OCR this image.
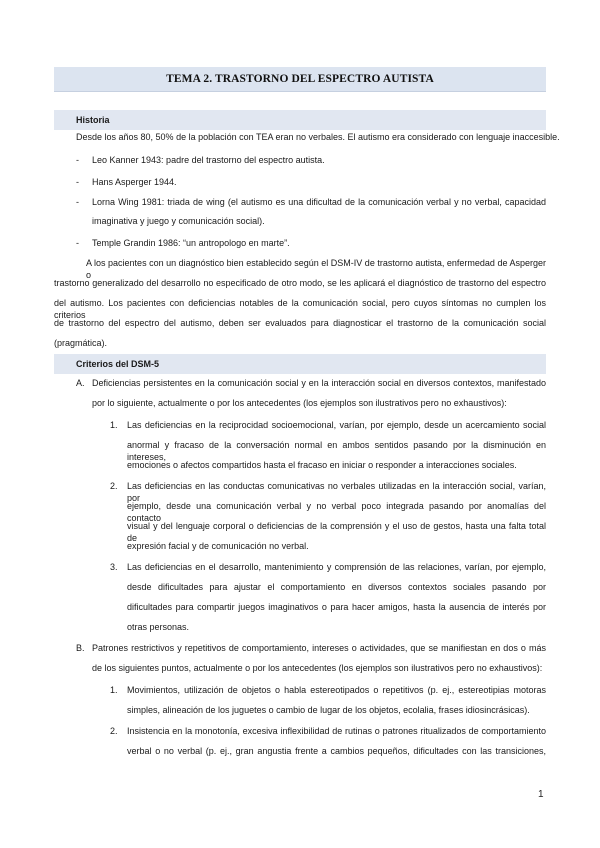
TEMA 2. TRASTORNO DEL ESPECTRO AUTISTA
Historia
Desde los años 80, 50% de la población con TEA eran no verbales. El autismo era considerado con lenguaje inaccesible.
- Leo Kanner 1943: padre del trastorno del espectro autista.
- Hans Asperger 1944.
- Lorna Wing 1981: triada de wing (el autismo es una dificultad de la comunicación verbal y no verbal, capacidad
imaginativa y juego y comunicación social).
- Temple Grandin 1986: “un antropologo en marte”.
A los pacientes con un diagnóstico bien establecido según el DSM-IV de trastorno autista, enfermedad de Asperger o
trastorno generalizado del desarrollo no especificado de otro modo, se les aplicará el diagnóstico de trastorno del espectro
del autismo. Los pacientes con deficiencias notables de la comunicación social, pero cuyos síntomas no cumplen los criterios
de trastorno del espectro del autismo, deben ser evaluados para diagnosticar el trastorno de la comunicación social
(pragmática).
Criterios del DSM-5
A. Deficiencias persistentes en la comunicación social y en la interacción social en diversos contextos, manifestado
por lo siguiente, actualmente o por los antecedentes (los ejemplos son ilustrativos pero no exhaustivos):
1. Las deficiencias en la reciprocidad socioemocional, varían, por ejemplo, desde un acercamiento social
anormal y fracaso de la conversación normal en ambos sentidos pasando por la disminución en intereses,
emociones o afectos compartidos hasta el fracaso en iniciar o responder a interacciones sociales.
2. Las deficiencias en las conductas comunicativas no verbales utilizadas en la interacción social, varían, por
ejemplo, desde una comunicación verbal y no verbal poco integrada pasando por anomalías del contacto
visual y del lenguaje corporal o deficiencias de la comprensión y el uso de gestos, hasta una falta total de
expresión facial y de comunicación no verbal.
3. Las deficiencias en el desarrollo, mantenimiento y comprensión de las relaciones, varían, por ejemplo,
desde dificultades para ajustar el comportamiento en diversos contextos sociales pasando por
dificultades para compartir juegos imaginativos o para hacer amigos, hasta la ausencia de interés por
otras personas.
B. Patrones restrictivos y repetitivos de comportamiento, intereses o actividades, que se manifiestan en dos o más
de los siguientes puntos, actualmente o por los antecedentes (los ejemplos son ilustrativos pero no exhaustivos):
1. Movimientos, utilización de objetos o habla estereotipados o repetitivos (p. ej., estereotipias motoras
simples, alineación de los juguetes o cambio de lugar de los objetos, ecolalia, frases idiosincrásicas).
2. Insistencia en la monotonía, excesiva inflexibilidad de rutinas o patrones ritualizados de comportamiento
verbal o no verbal (p. ej., gran angustia frente a cambios pequeños, dificultades con las transiciones,
1
